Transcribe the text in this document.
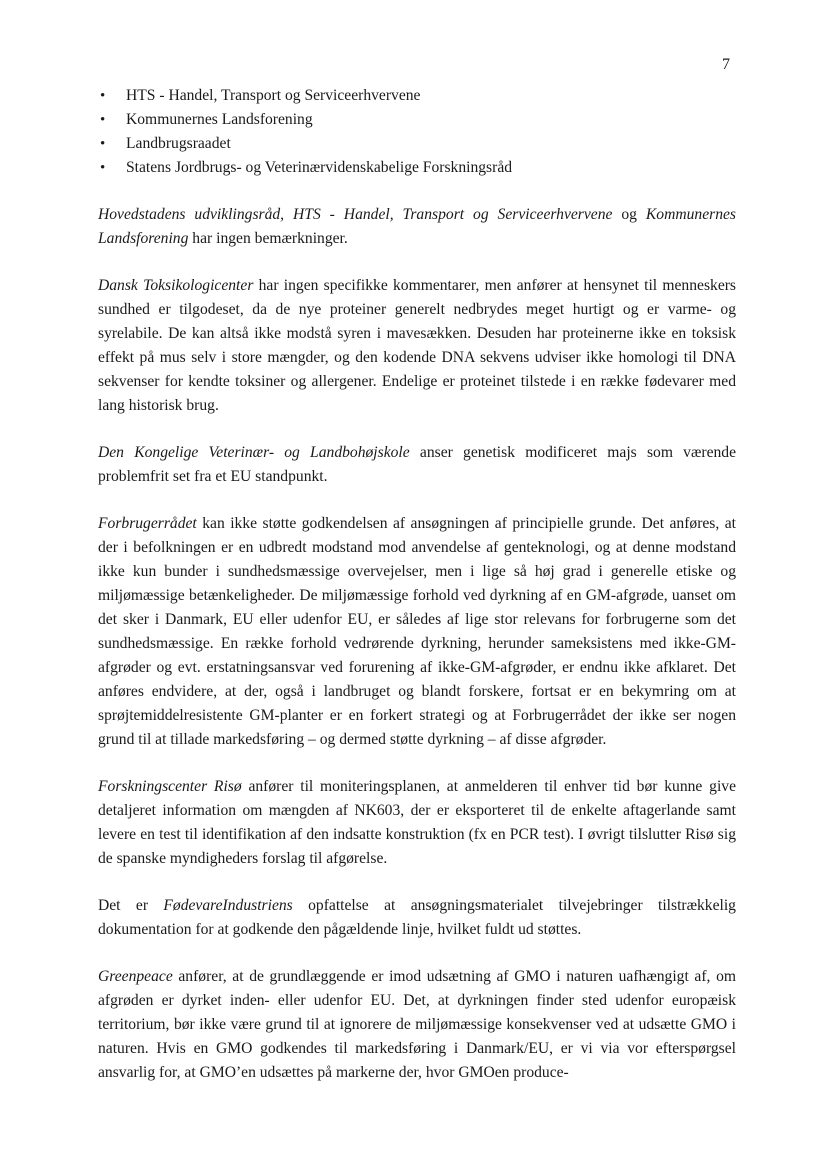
7
• HTS - Handel, Transport og Serviceerhvervene
• Kommunernes Landsforening
• Landbrugsraadet
• Statens Jordbrugs- og Veterinærvidenskabelige Forskningsråd

Hovedstadens udviklingsråd, HTS - Handel, Transport og Serviceerhvervene og Kommunernes Landsforening har ingen bemærkninger.

Dansk Toksikologicenter har ingen specifikke kommentarer, men anfører at hensynet til menneskers sundhed er tilgodeset, da de nye proteiner generelt nedbrydes meget hurtigt og er varme- og syrelabile. De kan altså ikke modstå syren i mavesækken. Desuden har proteinerne ikke en toksisk effekt på mus selv i store mængder, og den kodende DNA sekvens udviser ikke homologi til DNA sekvenser for kendte toksiner og allergener. Endelige er proteinet tilstede i en række fødevarer med lang historisk brug.

Den Kongelige Veterinær- og Landbohøjskole anser genetisk modificeret majs som værende problemfrit set fra et EU standpunkt.

Forbrugerrådet kan ikke støtte godkendelsen af ansøgningen af principielle grunde. Det anføres, at der i befolkningen er en udbredt modstand mod anvendelse af genteknologi, og at denne modstand ikke kun bunder i sundhedsmæssige overvejelser, men i lige så høj grad i generelle etiske og miljømæssige betænkeligheder. De miljømæssige forhold ved dyrkning af en GM-afgrøde, uanset om det sker i Danmark, EU eller udenfor EU, er således af lige stor relevans for forbrugerne som det sundhedsmæssige. En række forhold vedrørende dyrkning, herunder sameksistens med ikke-GM-afgrøder og evt. erstatningsansvar ved forurening af ikke-GM-afgrøder, er endnu ikke afklaret. Det anføres endvidere, at der, også i landbruget og blandt forskere, fortsat er en bekymring om at sprøjtemiddelresistente GM-planter er en forkert strategi og at Forbrugerrådet der ikke ser nogen grund til at tillade markedsføring – og dermed støtte dyrkning – af disse afgrøder.

Forskningscenter Risø anfører til moniteringsplanen, at anmelderen til enhver tid bør kunne give detaljeret information om mængden af NK603, der er eksporteret til de enkelte aftagerlande samt levere en test til identifikation af den indsatte konstruktion (fx en PCR test). I øvrigt tilslutter Risø sig de spanske myndigheders forslag til afgørelse.

Det er FødevareIndustriens opfattelse at ansøgningsmaterialet tilvejebringer tilstrækkelig dokumentation for at godkende den pågældende linje, hvilket fuldt ud støttes.

Greenpeace anfører, at de grundlæggende er imod udsætning af GMO i naturen uafhængigt af, om afgrøden er dyrket inden- eller udenfor EU. Det, at dyrkningen finder sted udenfor europæisk territorium, bør ikke være grund til at ignorere de miljømæssige konsekvenser ved at udsætte GMO i naturen. Hvis en GMO godkendes til markedsføring i Danmark/EU, er vi via vor efterspørgsel ansvarlig for, at GMO’en udsættes på markerne der, hvor GMOen produce-
